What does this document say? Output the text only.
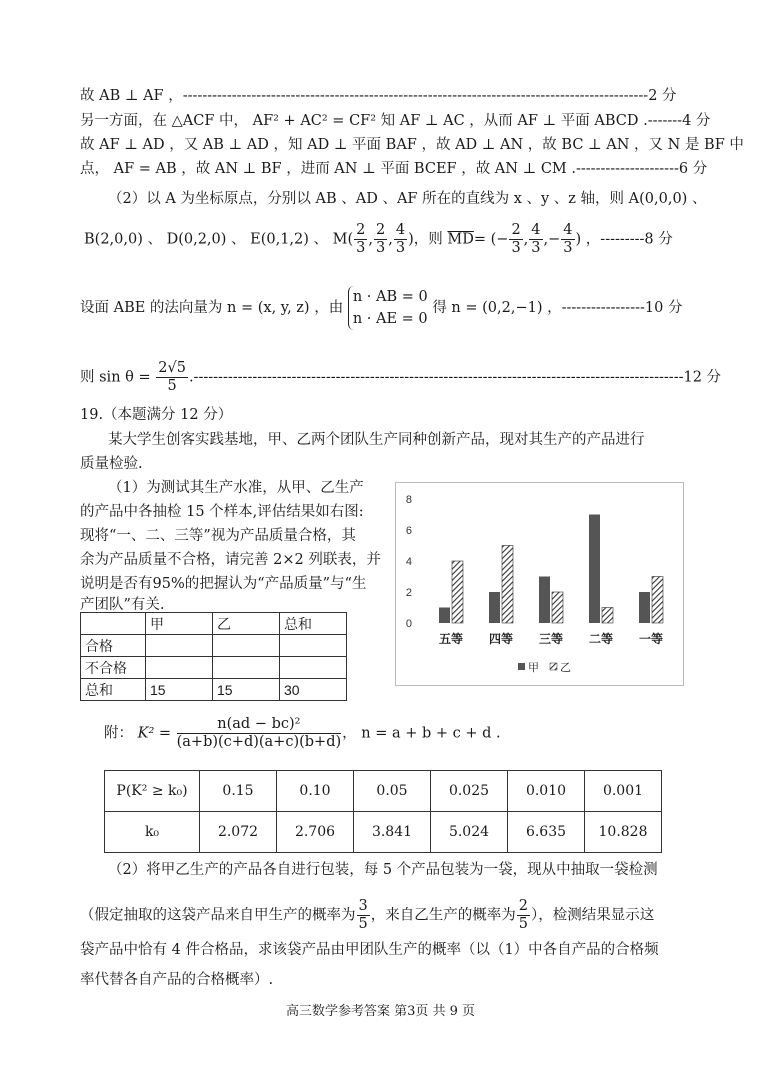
故 AB ⊥ AF ，-----------------------------------------------------------------------------------------------2 分
另一方面，在 △ACF 中， AF² + AC² = CF² 知 AF ⊥ AC ，从而 AF ⊥ 平面 ABCD .-------4 分
故 AF ⊥ AD ，又 AB ⊥ AD ，知 AD ⊥ 平面 BAF ，故 AD ⊥ AN ，故 BC ⊥ AN ，又 N 是 BF 中
点， AF = AB ，故 AN ⊥ BF ，进而 AN ⊥ 平面 BCEF ，故 AN ⊥ CM .---------------------6 分
（2）以 A 为坐标原点，分别以 AB 、AD 、AF 所在的直线为 x 、y 、z 轴，则 A(0,0,0) 、
B(2,0,0) 、 D(0,2,0) 、 E(0,1,2) 、 $M( \frac{2}{3}$ , $\frac{2}{3}$ , $\frac{4}{3}$ )，则 $\overline{MD}=$ (− $\frac{2}{3}$ , $\frac{4}{3}$ ,− $\frac{4}{3}$ ) ，---------8 分
设面 ABE 的法向量为 n = (x, y, z) ，由
n · AB = 0
n · AE = 0
得 n = (0,2,−1) ，-----------------10 分
则 $\sin \theta = \frac{2√5}{5} .----------------------------------------------------------------------------------------------------12$ 分
19.（本题满分 12 分）
某大学生创客实践基地，甲、乙两个团队生产同种创新产品，现对其生产的产品进行
质量检验.
（1）为测试其生产水准，从甲、乙生产
的产品中各抽检 15 个样本,评估结果如右图:
现将“一、二、三等”视为产品质量合格，其
余为产品质量不合格，请完善 2×2 列联表，并
说明是否有95%的把握认为“产品质量”与“生
产团队”有关.
	甲	乙	总和
合格			
不合格			
总和	15	15	30
0
2
4
6
8
五等 四等 三等 二等 一等
甲 乙
附： $K^2 = \frac{\text{n(ad − bc)²}}{(a+b)(c+d)(a+c)(b+d)}$ ， n = a + b + c + d .
P(K² ≥ k₀)	0.15	0.10	0.05	0.025	0.010	0.001
k₀	2.072	2.706	3.841	5.024	6.635	10.828
（2）将甲乙生产的产品各自进行包装，每 5 个产品包装为一袋，现从中抽取一袋检测
（假定抽取的这袋产品来自甲生产的概率为 $\frac{3}{5}$ ，来自乙生产的概率为 $\frac{2}{5}$ ），检测结果显示这
袋产品中恰有 4 件合格品，求该袋产品由甲团队生产的概率（以（1）中各自产品的合格频
率代替各自产品的合格概率）.
高三数学参考答案 第3页 共 9 页
